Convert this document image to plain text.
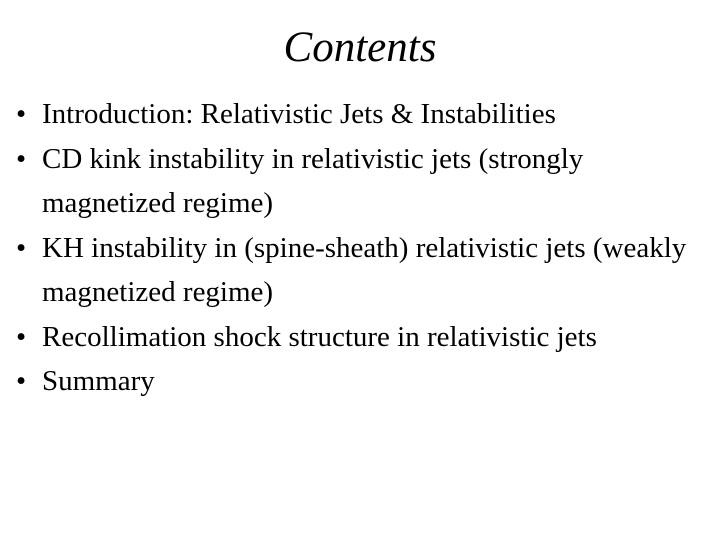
Contents
• Introduction: Relativistic Jets & Instabilities
• CD kink instability in relativistic jets (strongly magnetized regime)
• KH instability in (spine-sheath) relativistic jets (weakly magnetized regime)
• Recollimation shock structure in relativistic jets
• Summary
